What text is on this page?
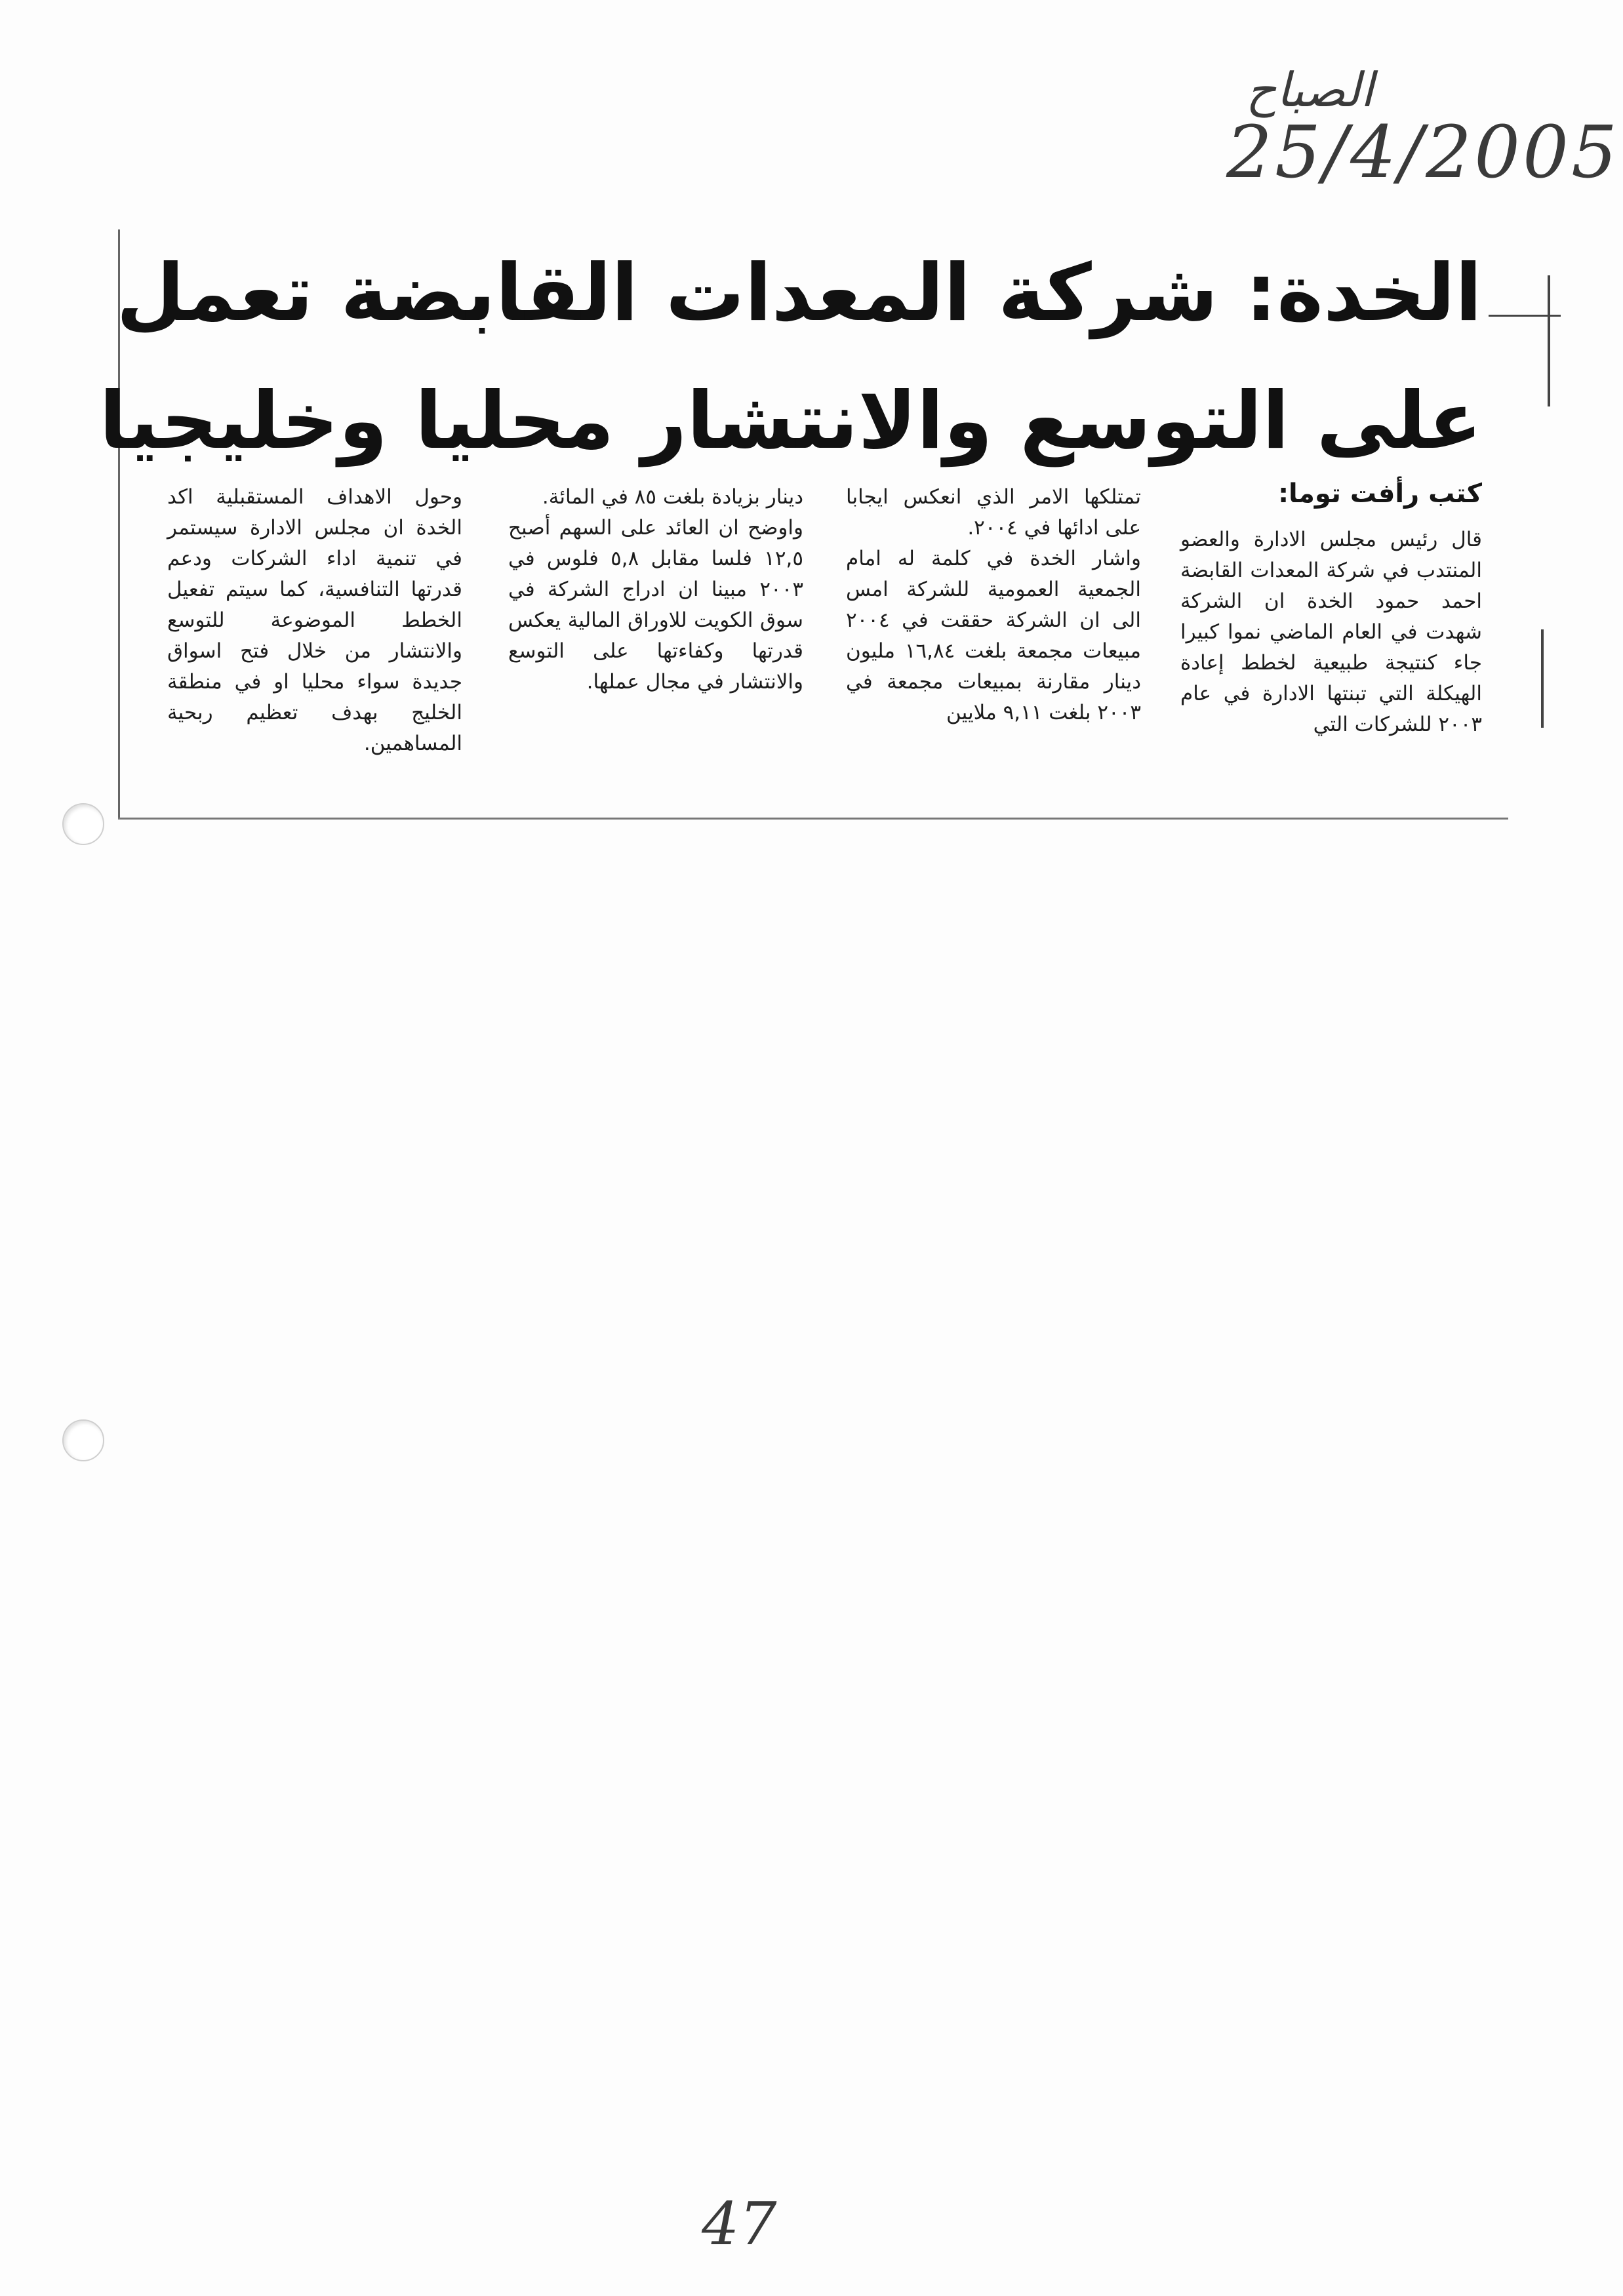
الصباح
25/4/2005
الخدة: شركة المعدات القابضة تعمل
على التوسع والانتشار محليا وخليجيا
كتب رأفت توما:

قال رئيس مجلس الادارة والعضو المنتدب في شركة المعدات القابضة احمد حمود الخدة ان الشركة شهدت في العام الماضي نموا كبيرا جاء كنتيجة طبيعية لخطط إعادة الهيكلة التي تبنتها الادارة في عام ٢٠٠٣ للشركات التي

تمتلكها الامر الذي انعكس ايجابا على ادائها في ٢٠٠٤.

واشار الخدة في كلمة له امام الجمعية العمومية للشركة امس الى ان الشركة حققت في ٢٠٠٤ مبيعات مجمعة بلغت ١٦,٨٤ مليون دينار مقارنة بمبيعات مجمعة في ٢٠٠٣ بلغت ٩,١١ ملايين

دينار بزيادة بلغت ٨٥ في المائة.

واوضح ان العائد على السهم أصبح ١٢,٥ فلسا مقابل ٥,٨ فلوس في ٢٠٠٣ مبينا ان ادراج الشركة في سوق الكويت للاوراق المالية يعكس قدرتها وكفاءتها على التوسع والانتشار في مجال عملها.

وحول الاهداف المستقبلية اكد الخدة ان مجلس الادارة سيستمر في تنمية اداء الشركات ودعم قدرتها التنافسية، كما سيتم تفعيل الخطط الموضوعة للتوسع والانتشار من خلال فتح اسواق جديدة سواء محليا او في منطقة الخليج بهدف تعظيم ربحية المساهمين.

47
